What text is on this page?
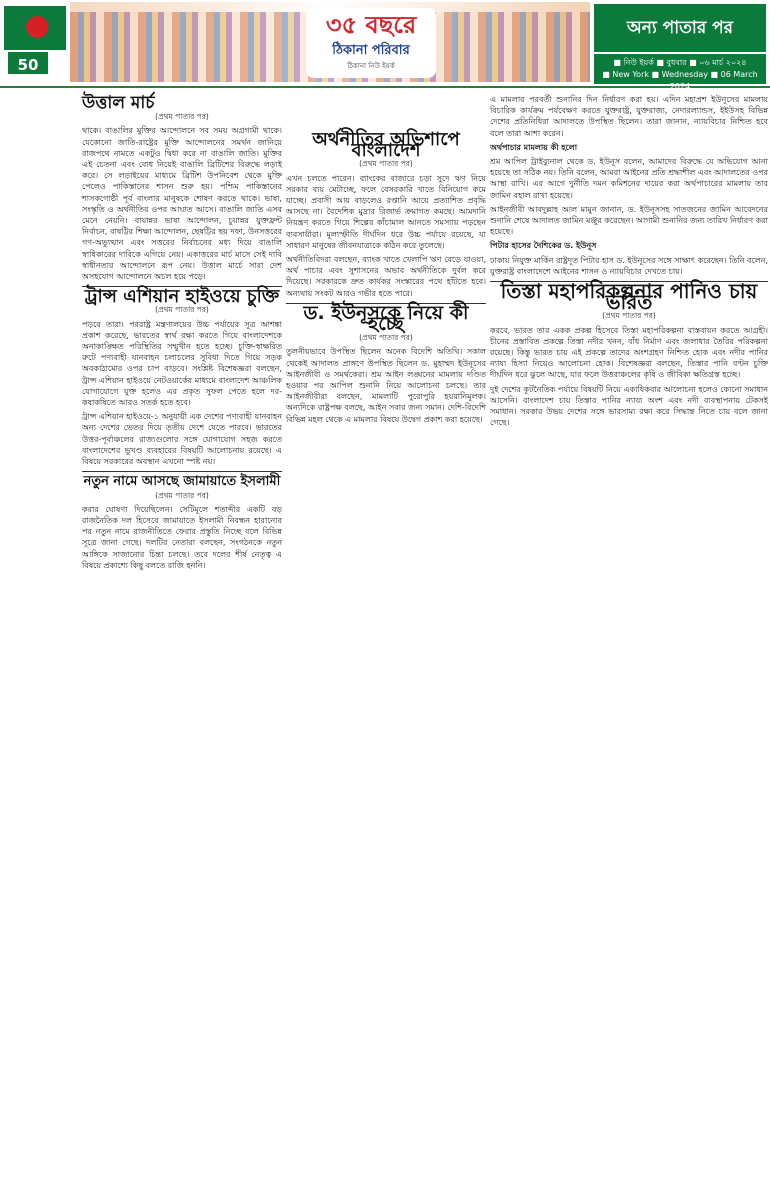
50
৩৫ বছরে
ঠিকানা পরিবার
ঠিকানা নিউ ইয়র্ক
অন্য পাতার পর
■ নিউ ইয়র্ক ■ বুধবার ■ ০৬ মার্চ ২০২৪
■ New York ■ Wednesday ■ 06 March 2024
উত্তাল মার্চ
(প্রথম পাতার পর)
থাকে। বাঙালির মুক্তির আন্দোলনে সব সময় অগ্রগামী থাকে। যেকোনো জাতি-রাষ্ট্রের মুক্তি আন্দোলনের সমর্থন জানিয়ে রাজপথে নামতে একটুও দ্বিধা করে না বাঙালি জাতি। মুক্তির এই চেতনা এবং বোধ নিয়েই বাঙালি ব্রিটিশের বিরুদ্ধে লড়াই করে। সে লড়াইয়ের মাধ্যমে ব্রিটিশ উপনিবেশ থেকে মুক্তি পেলেও পাকিস্তানের শাসন শুরু হয়। পশ্চিম পাকিস্তানের শাসকগোষ্ঠী পূর্ব বাংলার মানুষকে শোষণ করতে থাকে। ভাষা, সংস্কৃতি ও অর্থনীতির ওপর আঘাত আসে। বাঙালি জাতি এসব মেনে নেয়নি। বায়ান্নর ভাষা আন্দোলন, চুয়ান্নর যুক্তফ্রন্ট নির্বাচন, বাষট্টির শিক্ষা আন্দোলন, ছেষট্টির ছয় দফা, উনসত্তরের গণ-অভ্যুত্থান এবং সত্তরের নির্বাচনের মধ্য দিয়ে বাঙালি স্বাধিকারের দাবিকে এগিয়ে নেয়। একাত্তরের মার্চ মাসে সেই দাবি স্বাধীনতার আন্দোলনে রূপ নেয়। উত্তাল মার্চে সারা দেশ অসহযোগ আন্দোলনে অচল হয়ে পড়ে।
ট্রান্স এশিয়ান হাইওয়ে চুক্তি
(প্রথম পাতার পর)
পড়বে তারা। পররাষ্ট্র মন্ত্রণালয়ের উচ্চ পর্যায়ের সূত্র আশঙ্কা প্রকাশ করেছে, ভারতের স্বার্থ রক্ষা করতে গিয়ে বাংলাদেশকে অনাকাঙ্ক্ষিত পরিস্থিতির সম্মুখীন হতে হচ্ছে। চুক্তি-স্বাক্ষরিত রুটে পণ্যবাহী যানবাহন চলাচলের সুবিধা দিতে গিয়ে সড়ক অবকাঠামোর ওপর চাপ বাড়বে। সংশ্লিষ্ট বিশেষজ্ঞরা বলছেন, ট্রান্স এশিয়ান হাইওয়ে নেটওয়ার্কের মাধ্যমে বাংলাদেশ আঞ্চলিক যোগাযোগে যুক্ত হলেও এর প্রকৃত সুফল পেতে হলে দর-কষাকষিতে আরও সতর্ক হতে হবে।
ট্রান্স এশিয়ান হাইওয়ে-১ অনুযায়ী এক দেশের পণ্যবাহী যানবাহন অন্য দেশের ভেতর দিয়ে তৃতীয় দেশে যেতে পারবে। ভারতের উত্তর-পূর্বাঞ্চলের রাজ্যগুলোর সঙ্গে যোগাযোগ সহজ করতে বাংলাদেশের ভূখণ্ড ব্যবহারের বিষয়টি আলোচনায় রয়েছে। এ বিষয়ে সরকারের অবস্থান এখনো স্পষ্ট নয়।
নতুন নামে আসছে জামায়াতে ইসলামী
(প্রথম পাতার পর)
করার ঘোষণা দিয়েছিলেন। সেটিমূলে শতাব্দীর একটি বড় রাজনৈতিক দল হিসেবে জামায়াতে ইসলামী নিবন্ধন হারানোর পর নতুন নামে রাজনীতিতে ফেরার প্রস্তুতি নিচ্ছে বলে বিভিন্ন সূত্রে জানা গেছে। দলটির নেতারা বলছেন, সংগঠনকে নতুন আঙ্গিকে সাজানোর চিন্তা চলছে। তবে দলের শীর্ষ নেতৃত্ব এ বিষয়ে প্রকাশ্যে কিছু বলতে রাজি হননি।
অর্থনীতির অভিশাপে বাংলাদেশ
(প্রথম পাতার পর)
এখন চলতে পারেন। ব্যাংকের বাজারে চড়া সুদে ঋণ নিয়ে সরকার ব্যয় মেটাচ্ছে, ফলে বেসরকারি খাতে বিনিয়োগ কমে যাচ্ছে। প্রবাসী আয় বাড়লেও রপ্তানি আয়ে প্রত্যাশিত প্রবৃদ্ধি আসছে না। বৈদেশিক মুদ্রার রিজার্ভ ক্রমাগত কমছে। আমদানি নিয়ন্ত্রণ করতে গিয়ে শিল্পের কাঁচামাল আনতে সমস্যায় পড়ছেন ব্যবসায়ীরা। মূল্যস্ফীতি দীর্ঘদিন ধরে উচ্চ পর্যায়ে রয়েছে, যা সাধারণ মানুষের জীবনযাত্রাকে কঠিন করে তুলেছে।
অর্থনীতিবিদরা বলছেন, ব্যাংক খাতে খেলাপি ঋণ বেড়ে যাওয়া, অর্থ পাচার এবং সুশাসনের অভাব অর্থনীতিকে দুর্বল করে দিয়েছে। সরকারকে দ্রুত কার্যকর সংস্কারের পথে হাঁটতে হবে। অন্যথায় সংকট আরও গভীর হতে পারে।
ড. ইউনূসকে নিয়ে কী হচ্ছে
(প্রথম পাতার পর)
তুলনীয়ভাবে উপস্থিত ছিলেন অনেক বিদেশি অতিথি। সকাল থেকেই আদালত প্রাঙ্গণে উপস্থিত ছিলেন ড. মুহাম্মদ ইউনূসের আইনজীবী ও সমর্থকেরা। শ্রম আইন লঙ্ঘনের মামলায় দণ্ডিত হওয়ার পর আপিল শুনানি নিয়ে আলোচনা চলছে। তার আইনজীবীরা বলছেন, মামলাটি পুরোপুরি হয়রানিমূলক। অন্যদিকে রাষ্ট্রপক্ষ বলছে, আইন সবার জন্য সমান। দেশি-বিদেশি বিভিন্ন মহল থেকে এ মামলার বিষয়ে উদ্বেগ প্রকাশ করা হয়েছে।
এ মামলার পরবর্তী শুনানির দিন নির্ধারণ করা হয়। এদিন মহাপ্রশ ইউনূসের মামলায় বিচারিক কার্যক্রম পর্যবেক্ষণ করতে যুক্তরাষ্ট্র, যুক্তরাজ্য, নেদারল্যান্ডস, ইইউসহ বিভিন্ন দেশের প্রতিনিধিরা আদালতে উপস্থিত ছিলেন। তারা জানান, ন্যায়বিচার নিশ্চিত হবে বলে তারা আশা করেন।
অর্থপাচার মামলায় কী হলো
শ্রম আপিল ট্রাইব্যুনাল থেকে ড. ইউনূস বলেন, আমাদের বিরুদ্ধে যে অভিযোগ আনা হয়েছে তা সঠিক নয়। তিনি বলেন, আমরা আইনের প্রতি শ্রদ্ধাশীল এবং আদালতের ওপর আস্থা রাখি। এর আগে দুর্নীতি দমন কমিশনের দায়ের করা অর্থপাচারের মামলায় তার জামিন বহাল রাখা হয়েছে।
আইনজীবী আবদুল্লাহ আল মামুন জানান, ড. ইউনূসসহ সাতজনের জামিন আবেদনের শুনানি শেষে আদালত জামিন মঞ্জুর করেছেন। আগামী শুনানির জন্য তারিখ নির্ধারণ করা হয়েছে।
পিটার হাসের দৈশিকের ড. ইউনূস
ঢাকায় নিযুক্ত মার্কিন রাষ্ট্রদূত পিটার হাস ড. ইউনূসের সঙ্গে সাক্ষাৎ করেছেন। তিনি বলেন, যুক্তরাষ্ট্র বাংলাদেশে আইনের শাসন ও ন্যায়বিচার দেখতে চায়।
তিস্তা মহাপরিকল্পনার পানিও চায় ভারত
(প্রথম পাতার পর)
করবে, ভারত তার একক প্রকল্প হিসেবে তিস্তা মহাপরিকল্পনা বাস্তবায়ন করতে আগ্রহী। চীনের প্রস্তাবিত প্রকল্পে তিস্তা নদীর খনন, বাঁধ নির্মাণ এবং জলাধার তৈরির পরিকল্পনা রয়েছে। কিন্তু ভারত চায় এই প্রকল্পে তাদের অংশগ্রহণ নিশ্চিত হোক এবং নদীর পানির ন্যায্য হিস্যা নিয়েও আলোচনা হোক। বিশেষজ্ঞরা বলছেন, তিস্তার পানি বণ্টন চুক্তি দীর্ঘদিন ধরে ঝুলে আছে, যার ফলে উত্তরাঞ্চলের কৃষি ও জীবিকা ক্ষতিগ্রস্ত হচ্ছে।
দুই দেশের কূটনৈতিক পর্যায়ে বিষয়টি নিয়ে একাধিকবার আলোচনা হলেও কোনো সমাধান আসেনি। বাংলাদেশ চায় তিস্তার পানির ন্যায্য অংশ এবং নদী ব্যবস্থাপনায় টেকসই সমাধান। সরকার উভয় দেশের সঙ্গে ভারসাম্য রক্ষা করে সিদ্ধান্ত নিতে চায় বলে জানা গেছে।
